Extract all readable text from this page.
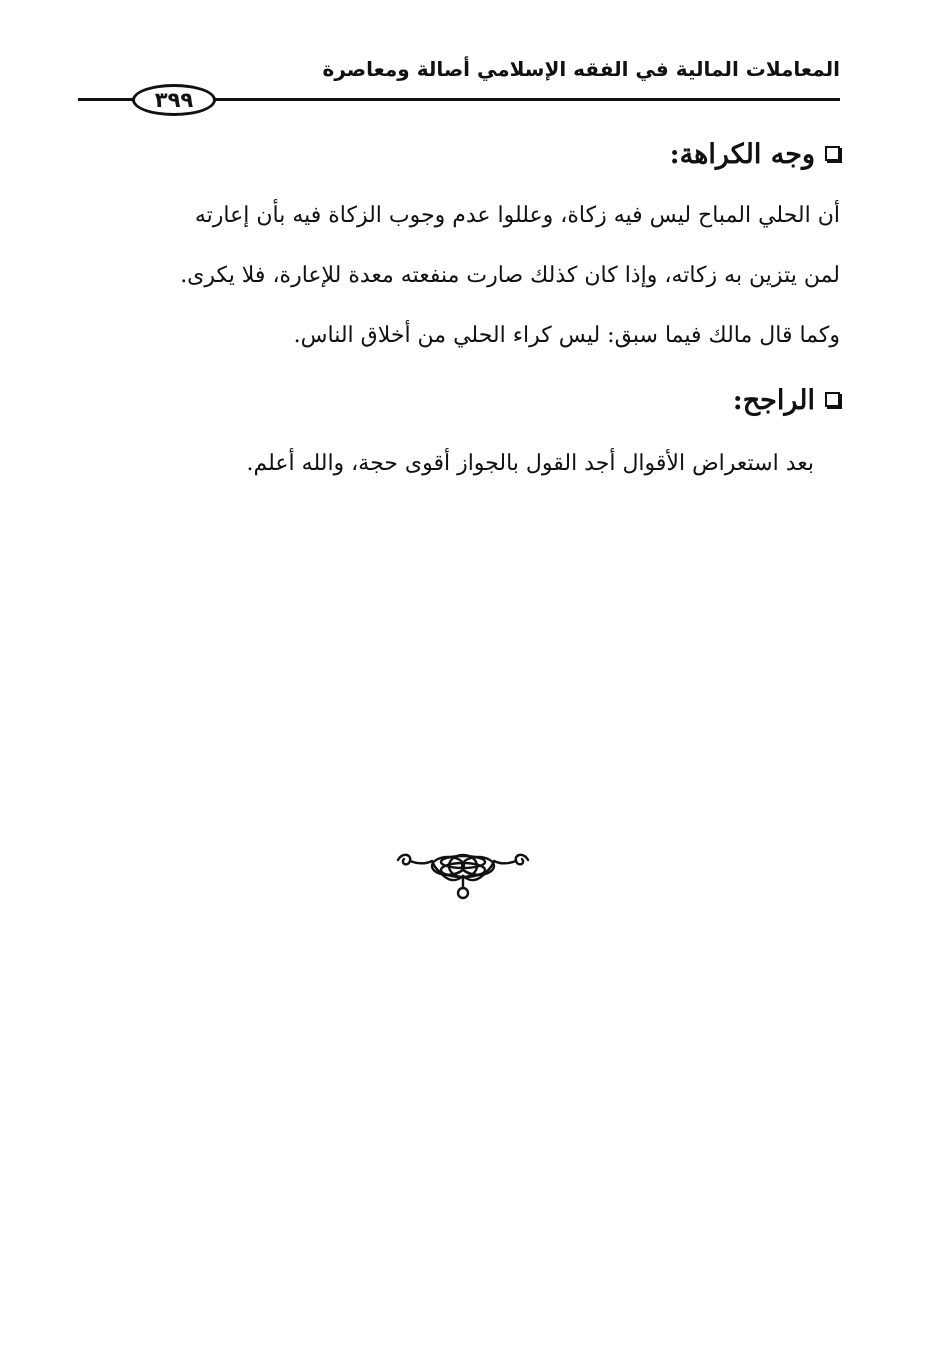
المعاملات المالية في الفقه الإسلامي أصالة ومعاصرة
٣٩٩
وجه الكراهة:
أن الحلي المباح ليس فيه زكاة، وعللوا عدم وجوب الزكاة فيه بأن إعارته
لمن يتزين به زكاته، وإذا كان كذلك صارت منفعته معدة للإعارة، فلا يكرى.
وكما قال مالك فيما سبق: ليس كراء الحلي من أخلاق الناس.
الراجح:
بعد استعراض الأقوال أجد القول بالجواز أقوى حجة، والله أعلم.
